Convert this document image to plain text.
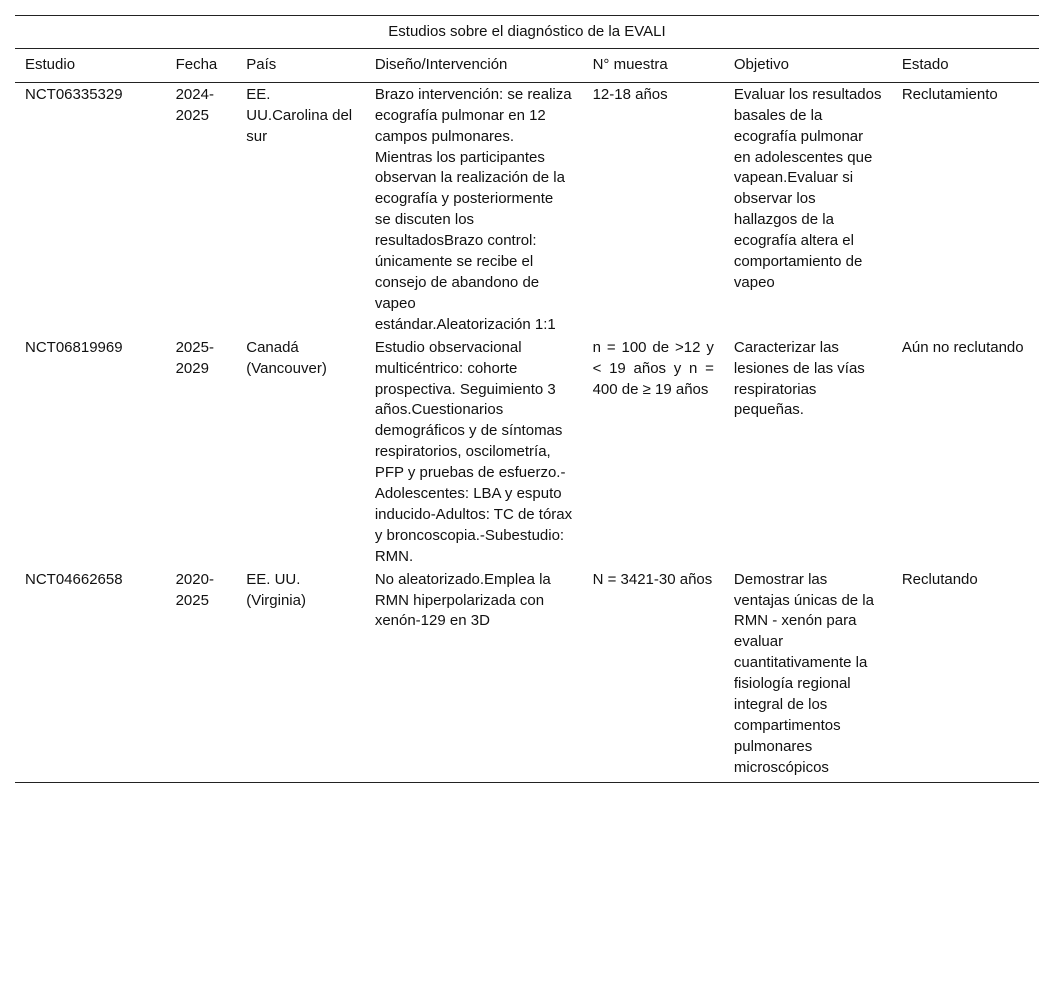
Estudios sobre el diagnóstico de la EVALI
Estudio	Fecha	País	Diseño/Intervención	N° muestra	Objetivo	Estado
NCT06335329	2024-2025	EE. UU.Carolina del sur	Brazo intervención: se realiza ecografía pulmonar en 12 campos pulmonares. Mientras los participantes observan la realización de la ecografía y posteriormente se discuten los resultadosBrazo control: únicamente se recibe el consejo de abandono de vapeo estándar.Aleatorización 1:1	12-18 años	Evaluar los resultados basales de la ecografía pulmonar en adolescentes que vapean.Evaluar si observar los hallazgos de la ecografía altera el comportamiento de vapeo	Reclutamiento
NCT06819969	2025-2029	Canadá (Vancouver)	Estudio observacional multicéntrico: cohorte prospectiva. Seguimiento 3 años.Cuestionarios demográficos y de síntomas respiratorios, oscilometría, PFP y pruebas de esfuerzo.-Adolescentes: LBA y esputo inducido-Adultos: TC de tórax y broncoscopia.-Subestudio: RMN.	n = 100 de >12 y < 19 años y n = 400 de ≥ 19 años	Caracterizar las lesiones de las vías respiratorias pequeñas.	Aún no reclutando
NCT04662658	2020-2025	EE. UU. (Virginia)	No aleatorizado.Emplea la RMN hiperpolarizada con xenón-129 en 3D	N = 3421-30 años	Demostrar las ventajas únicas de la RMN - xenón para evaluar cuantitativamente la fisiología regional integral de los compartimentos pulmonares microscópicos	Reclutando
